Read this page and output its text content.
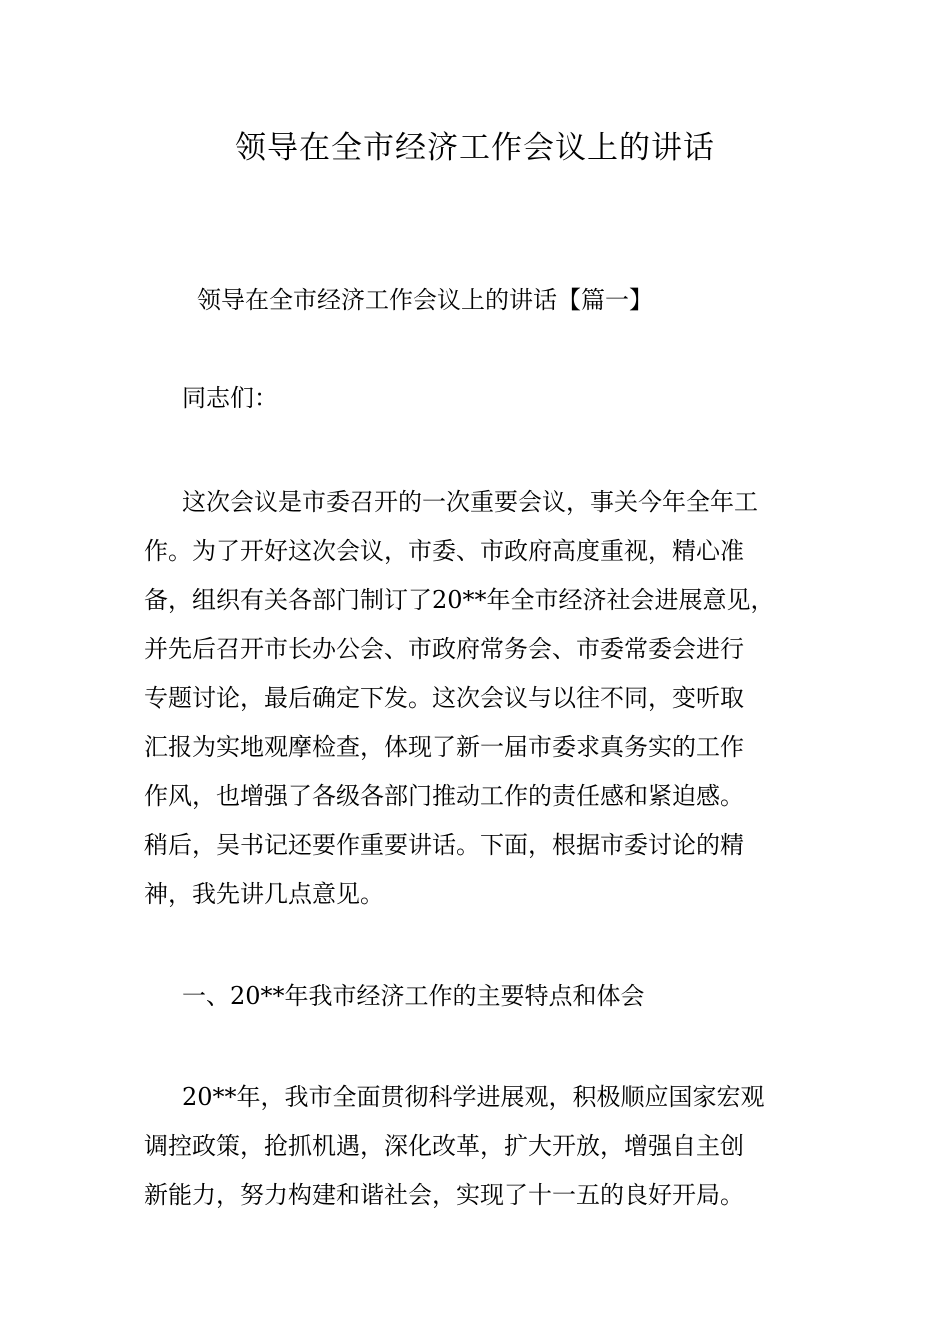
领导在全市经济工作会议上的讲话
领导在全市经济工作会议上的讲话【篇一】
同志们：
这次会议是市委召开的一次重要会议，事关今年全年工
作。为了开好这次会议，市委、市政府高度重视，精心准
备，组织有关各部门制订了20**年全市经济社会进展意见，
并先后召开市长办公会、市政府常务会、市委常委会进行
专题讨论，最后确定下发。这次会议与以往不同，变听取
汇报为实地观摩检查，体现了新一届市委求真务实的工作
作风，也增强了各级各部门推动工作的责任感和紧迫感。
稍后，吴书记还要作重要讲话。下面，根据市委讨论的精
神，我先讲几点意见。
一、20**年我市经济工作的主要特点和体会
20**年，我市全面贯彻科学进展观，积极顺应国家宏观
调控政策，抢抓机遇，深化改革，扩大开放，增强自主创
新能力，努力构建和谐社会，实现了十一五的良好开局。
